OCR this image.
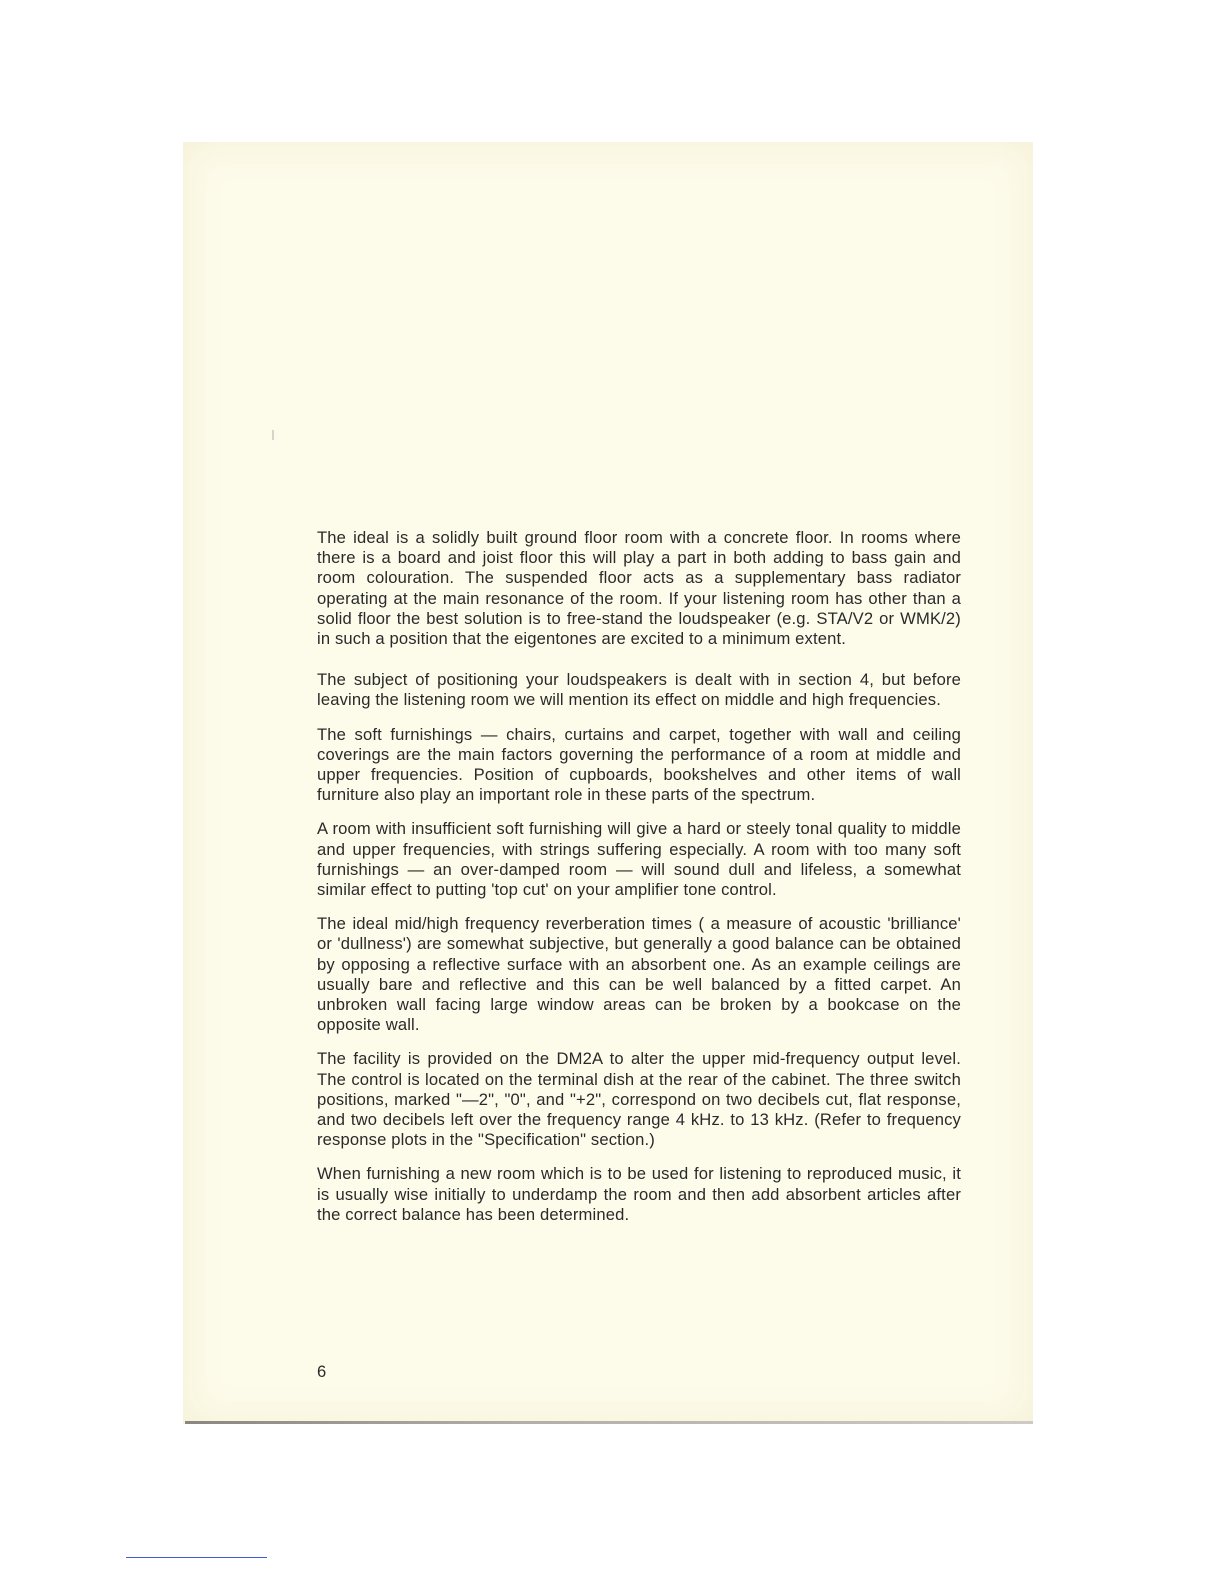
The ideal is a solidly built ground floor room with a concrete floor. In rooms where there is a board and joist floor this will play a part in both adding to bass gain and room colouration. The suspended floor acts as a supplementary bass radiator operating at the main resonance of the room. If your listening room has other than a solid floor the best solution is to free-stand the loudspeaker (e.g. STA/V2 or WMK/2) in such a position that the eigentones are excited to a minimum extent.

The subject of positioning your loudspeakers is dealt with in section 4, but before leaving the listening room we will mention its effect on middle and high frequencies.

The soft furnishings — chairs, curtains and carpet, together with wall and ceiling coverings are the main factors governing the performance of a room at middle and upper frequencies. Position of cupboards, bookshelves and other items of wall furniture also play an important role in these parts of the spectrum.

A room with insufficient soft furnishing will give a hard or steely tonal quality to middle and upper frequencies, with strings suffering especially. A room with too many soft furnishings — an over-damped room — will sound dull and lifeless, a somewhat similar effect to putting 'top cut' on your amplifier tone control.

The ideal mid/high frequency reverberation times ( a measure of acoustic 'brilliance' or 'dullness') are somewhat subjective, but generally a good balance can be obtained by opposing a reflective surface with an absorbent one. As an example ceilings are usually bare and reflective and this can be well balanced by a fitted carpet. An unbroken wall facing large window areas can be broken by a bookcase on the opposite wall.

The facility is provided on the DM2A to alter the upper mid-frequency output level. The control is located on the terminal dish at the rear of the cabinet. The three switch positions, marked "—2", "0", and "+2", correspond on two decibels cut, flat response, and two decibels left over the frequency range 4 kHz. to 13 kHz. (Refer to frequency response plots in the "Specification" section.)

When furnishing a new room which is to be used for listening to reproduced music, it is usually wise initially to underdamp the room and then add absorbent articles after the correct balance has been determined.

6
